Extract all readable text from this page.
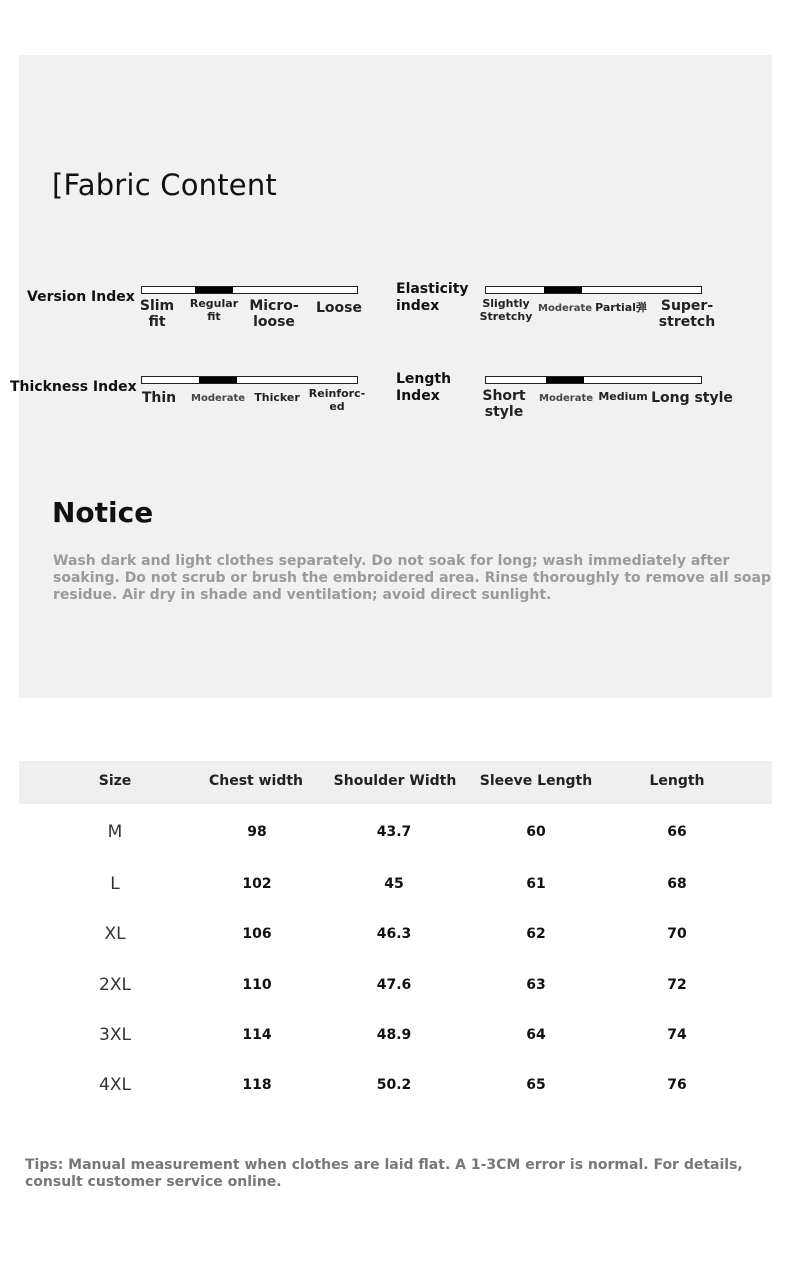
[Fabric Content
Version Index
Slim fit
Regular fit
Micro-loose
Loose
Elasticity index	Slightly Stretchy
Moderate Partial弹 Super-stretch
Thickness Index
Thin	Moderate Thicker Reinforc-ed
Length Index	Short style
Moderate Medium Long style
Notice
Wash dark and light clothes separately. Do not soak for long; wash immediately after soaking. Do not scrub or brush the embroidered area. Rinse thoroughly to remove all soap residue. Air dry in shade and ventilation; avoid direct sunlight.
Size	Chest width	Shoulder Width	Sleeve Length	Length
M	98	43.7	60	66
L	102	45	61	68
XL	106	46.3	62	70
2XL	110	47.6	63	72
3XL	114	48.9	64	74
4XL	118	50.2	65	76
Tips: Manual measurement when clothes are laid flat. A 1-3CM error is normal. For details, consult customer service online.
